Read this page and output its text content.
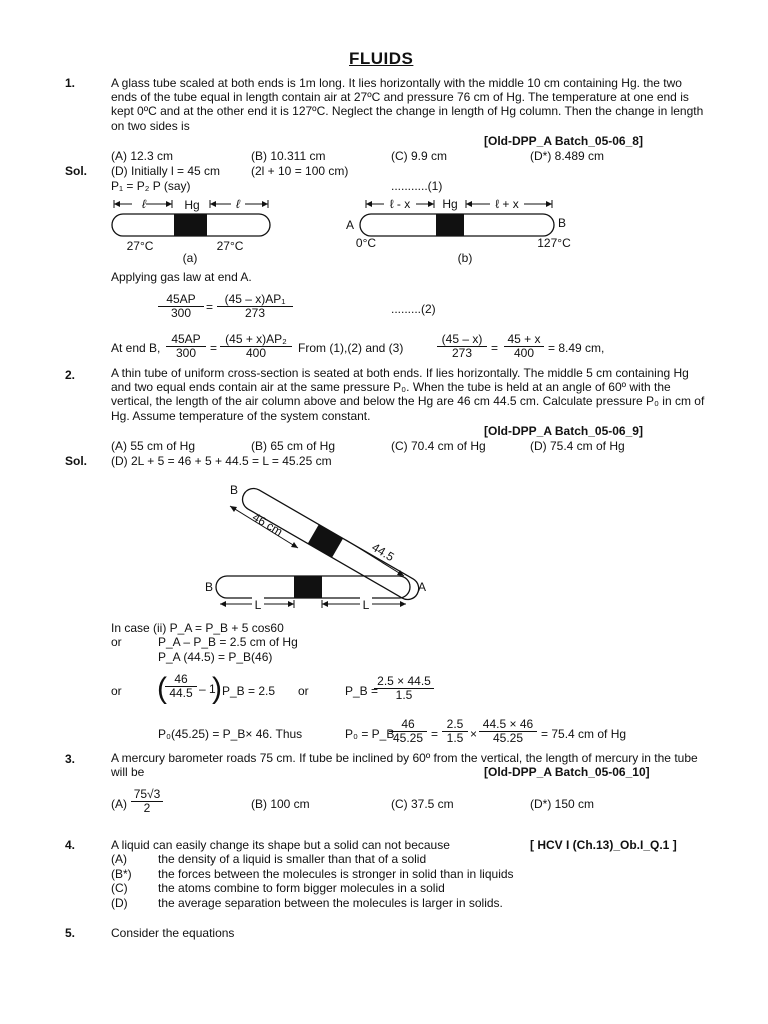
FLUIDS
1.	A glass tube scaled at both ends is 1m long. It lies horizontally with the middle 10 cm containing Hg. the two ends of the tube equal in length contain air at 27ºC and pressure 76 cm of Hg. The temperature at one end is kept 0ºC and at the other end it is 127ºC. Neglect the change in length of Hg column. Then the change in length on two sides is
[Old-DPP_A Batch_05-06_8]
(A) 12.3 cm	(B) 10.311 cm	(C) 9.9 cm	(D*) 8.489 cm
Sol. (D) Initially l = 45 cm	(2l + 10 = 100 cm)
P₁ = P₂ P (say)	...........(1)
ℓ	Hg	ℓ
27°C	27°C
(a)
ℓ - x	Hg	ℓ + x
A	B
0°C	127°C
(b)
Applying gas law at end A.
$\frac{45AP}{300} = \frac{\text{(45 – x)AP₁}}{273}$	.........(2)
At end B, $\frac{45AP}{300} = \frac{\text{(45 + x)AP₂}}{400}$ From (1),(2) and (3)	$\frac{(45 - x)}{273} = \frac{45 + x}{400} = 8.49$ cm,
2.	A thin tube of uniform cross-section is seated at both ends. If lies horizontally. The middle 5 cm containing Hg and two equal ends contain air at the same pressure P₀. When the tube is held at an angle of 60º with the vertical, the length of the air column above and below the Hg are 46 cm 44.5 cm. Calculate pressure P₀ in cm of Hg. Assume temperature of the system constant.
[Old-DPP_A Batch_05-06_9]
(A) 55 cm of Hg	(B) 65 cm of Hg	(C) 70.4 cm of Hg	(D) 75.4 cm of Hg
Sol. (D) 2L + 5 = 46 + 5 + 44.5 = L = 45.25 cm
B
46 cm
44.5
B	A
L	L
In case (ii) P_A = P_B + 5 cos60
or	P_A – P_B = 2.5 cm of Hg
P_A (44.5) = P_B(46)
or (
$\frac{46}{44.5} - 1$
) P_B = 2.5 or	P_B =
$\frac{2.5 \times 44.5}{1.5}$
P₀(45.25) = P_B× 46. Thus	P₀ = P_B
$\frac{46}{45.25} = \frac{2.5}{1.5} \times \frac{44.5 \times 46}{45.25} = 75.4$ cm of Hg
3.	A mercury barometer roads 75 cm. If tube be inclined by 60º from the vertical, the length of mercury in the tube will be	[Old-DPP_A Batch_05-06_10]
$(A) \frac{75√3}{2}$	(B) 100 cm	(C) 37.5 cm	(D*) 150 cm
4.	A liquid can easily change its shape but a solid can not because	[ HCV I (Ch.13)_Ob.I_Q.1 ]
(A)	the density of a liquid is smaller than that of a solid
(B*) the forces between the molecules is stronger in solid than in liquids
(C)	the atoms combine to form bigger molecules in a solid
(D)	the average separation between the molecules is larger in solids.
5.	Consider the equations
